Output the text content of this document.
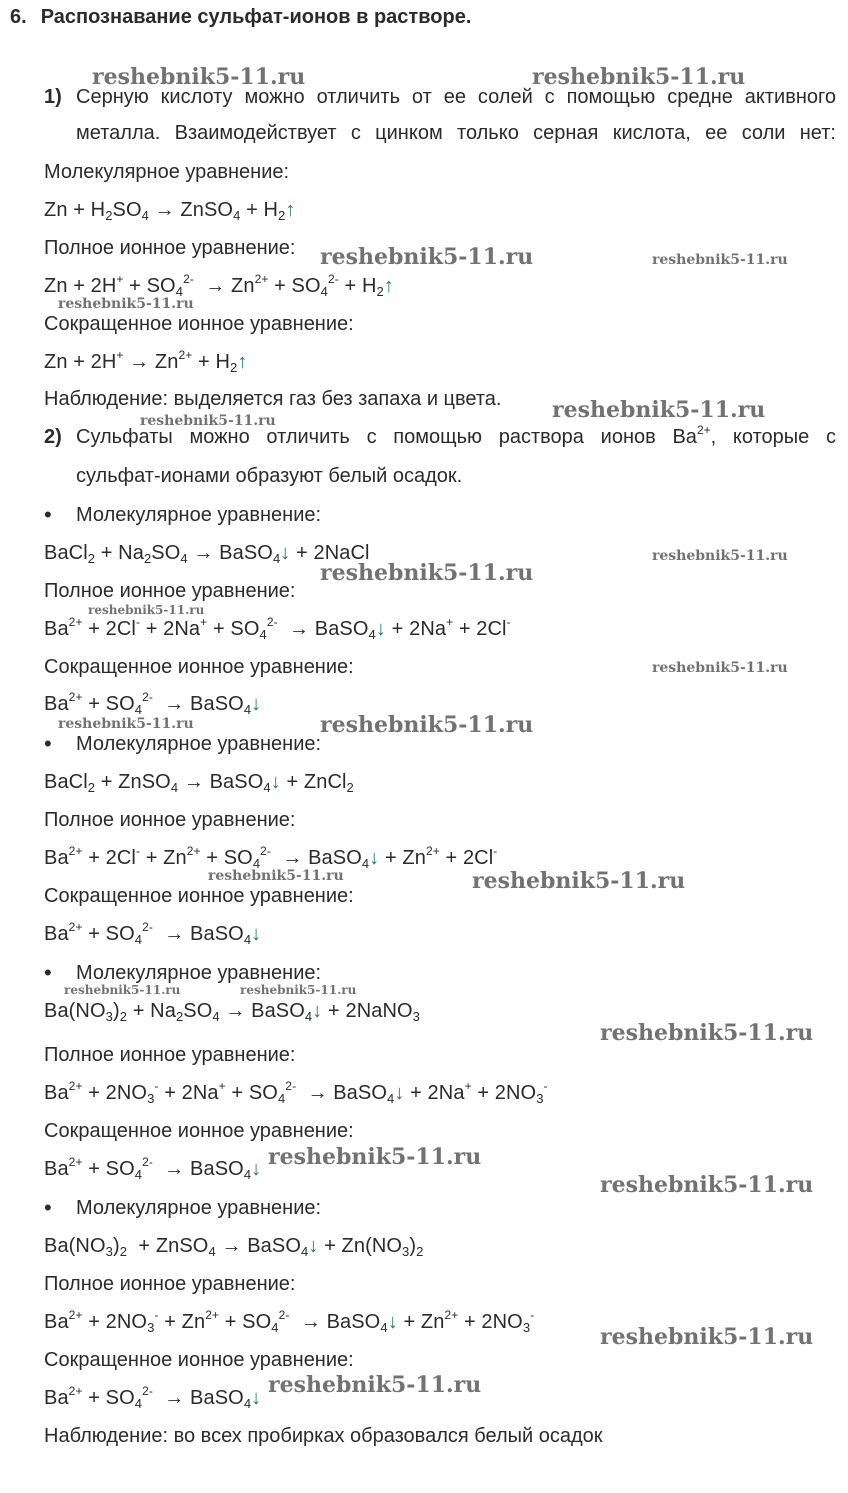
6. Распознавание сульфат-ионов в растворе.
reshebnik5-11.ru	reshebnik5-11.ru
reshebnik5-11.ru	reshebnik5-11.ru
reshebnik5-11.ru
reshebnik5-11.ru
reshebnik5-11.ru
reshebnik5-11.ru
reshebnik5-11.ru
reshebnik5-11.ru
reshebnik5-11.ru
reshebnik5-11.ru	reshebnik5-11.ru
reshebnik5-11.ru	reshebnik5-11.ru
reshebnik5-11.ru	reshebnik5-11.ru
reshebnik5-11.ru
reshebnik5-11.ru
reshebnik5-11.ru
reshebnik5-11.ru
reshebnik5-11.ru
1) Серную кислоту можно отличить от ее солей с помощью средне активного
металла. Взаимодействует с цинком только серная кислота, ее соли нет:
Молекулярное уравнение:
$Zn + H_2SO_4$ → ZnSO$_4$ + $H_2↑$
Полное ионное уравнение:
$Zn + 2H^+ + SO_4^{2-} \to Zn^{2+} + SO_4^{2-}$ + $H_2↑$
Сокращенное ионное уравнение:
$Zn + 2H^+ \to Zn^{2+}$ + $H_2↑$
Наблюдение: выделяется газ без запаха и цвета.
2) Сульфаты можно отличить с помощью раствора ионов $Ba^{2+}$, которые с
сульфат-ионами образуют белый осадок.
• Молекулярное уравнение:
BaCl$_2$ + $Na_2SO_4$ → BaSO$_4$↓ + 2NaCl
Полное ионное уравнение:
$Ba^{2+} + 2Cl^- + 2Na^+ + SO_4^{2-}$  → BaSO$_4$↓ + 2Na+ + 2Cl-
Сокращенное ионное уравнение:
$Ba^{2+} + SO_4^{2-}$  → BaSO$_4$↓
• Молекулярное уравнение:
BaCl$_2$ + ZnSO$_4$ → BaSO$_4$↓ + ZnCl$_2$
Полное ионное уравнение:
$Ba^{2+} + 2Cl^- + Zn^{2+} + SO_4^{2-}$  → BaSO$_4$↓ + $Zn^{2+} + 2Cl^-$
Сокращенное ионное уравнение:
$Ba^{2+} + SO_4^{2-}$  → BaSO$_4$↓
• Молекулярное уравнение:
$Ba(NO_3)_2 + Na_2SO_4$ → BaSO$_4$↓ + 2NaNO$_3$
Полное ионное уравнение:
$Ba^{2+} + 2NO_3^- + 2Na^+ + SO_4^{2-}$  → BaSO$_4$↓ + $2Na^+ + 2NO_3^-$
Сокращенное ионное уравнение:
$Ba^{2+} + SO_4^{2-}$  → BaSO$_4$↓
• Молекулярное уравнение:
$Ba(NO_3)_2$  + ZnSO$_4$ → BaSO$_4$↓ + $Zn(NO_3)_2$
Полное ионное уравнение:
$Ba^{2+} + 2NO_3^- + Zn^{2+} + SO_4^{2-}$  → BaSO$_4$↓ + $Zn^{2+} + 2NO_3^-$
Сокращенное ионное уравнение:
$Ba^{2+} + SO_4^{2-}$  → BaSO$_4$↓
Наблюдение: во всех пробирках образовался белый осадок
